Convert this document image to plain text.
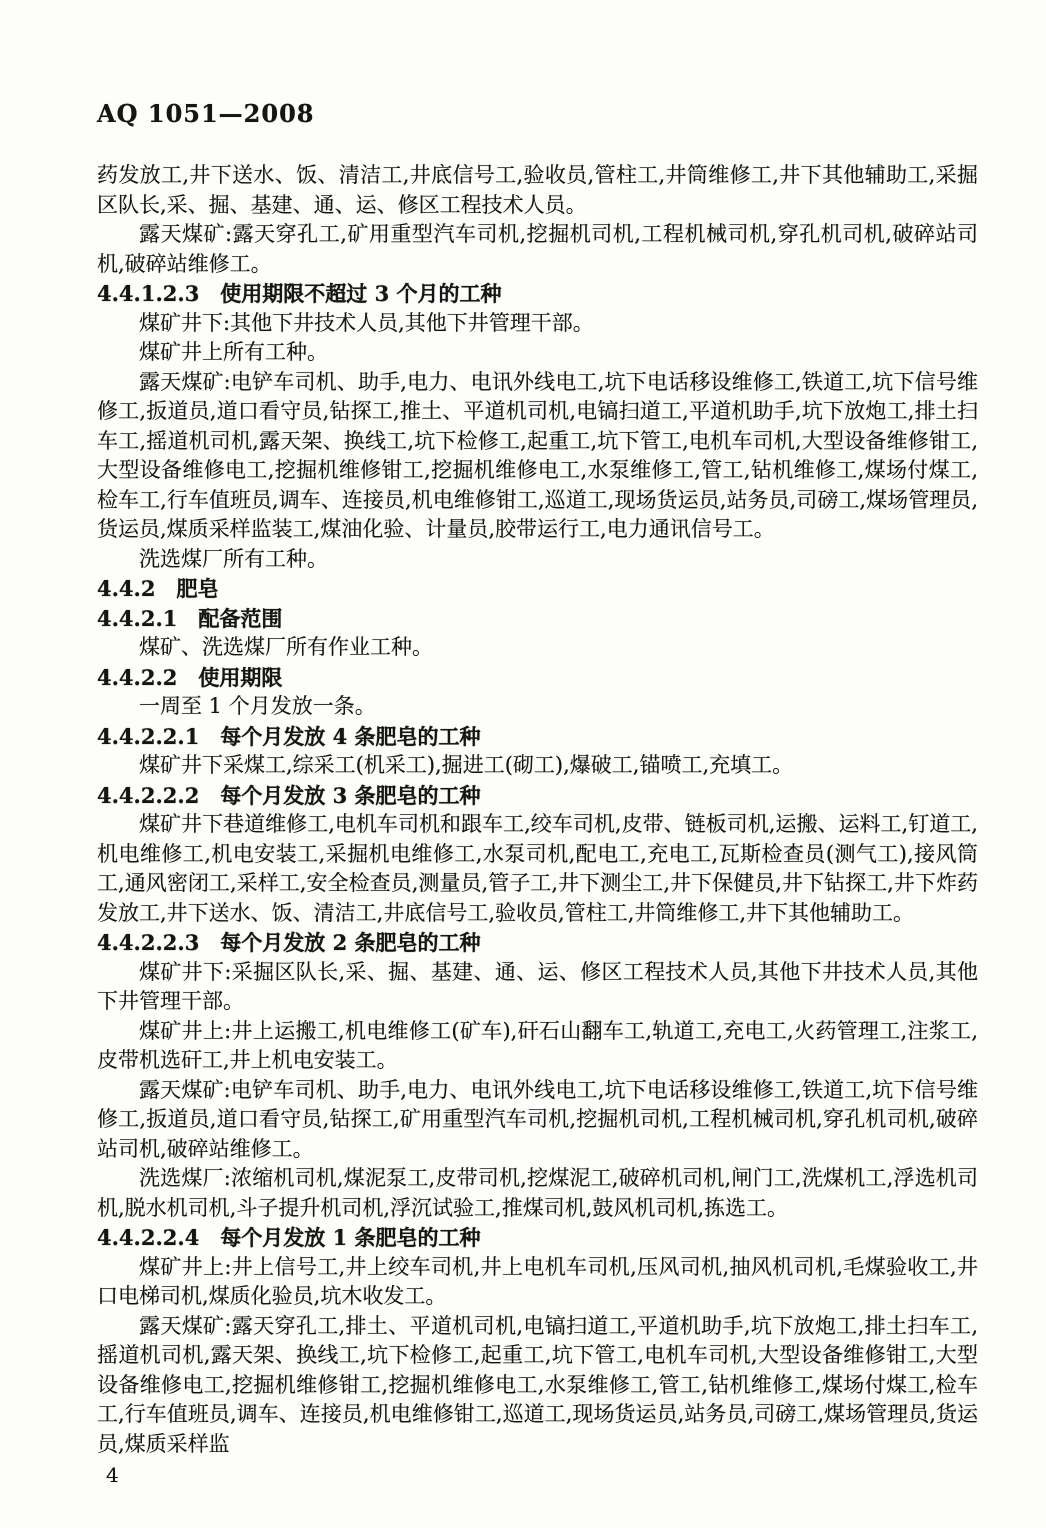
AQ 1051—2008

药发放工,井下送水、饭、清洁工,井底信号工,验收员,管柱工,井筒维修工,井下其他辅助工,采掘区队长,采、掘、基建、通、运、修区工程技术人员。

露天煤矿:露天穿孔工,矿用重型汽车司机,挖掘机司机,工程机械司机,穿孔机司机,破碎站司机,破碎站维修工。

4.4.1.2.3　使用期限不超过 3 个月的工种

煤矿井下:其他下井技术人员,其他下井管理干部。

煤矿井上所有工种。

露天煤矿:电铲车司机、助手,电力、电讯外线电工,坑下电话移设维修工,铁道工,坑下信号维修工,扳道员,道口看守员,钻探工,推土、平道机司机,电镐扫道工,平道机助手,坑下放炮工,排土扫车工,摇道机司机,露天架、换线工,坑下检修工,起重工,坑下管工,电机车司机,大型设备维修钳工,大型设备维修电工,挖掘机维修钳工,挖掘机维修电工,水泵维修工,管工,钻机维修工,煤场付煤工,检车工,行车值班员,调车、连接员,机电维修钳工,巡道工,现场货运员,站务员,司磅工,煤场管理员,货运员,煤质采样监装工,煤油化验、计量员,胶带运行工,电力通讯信号工。

洗选煤厂所有工种。

4.4.2　肥皂

4.4.2.1　配备范围

煤矿、洗选煤厂所有作业工种。

4.4.2.2　使用期限

一周至 1 个月发放一条。

4.4.2.2.1　每个月发放 4 条肥皂的工种

煤矿井下采煤工,综采工(机采工),掘进工(砌工),爆破工,锚喷工,充填工。

4.4.2.2.2　每个月发放 3 条肥皂的工种

煤矿井下巷道维修工,电机车司机和跟车工,绞车司机,皮带、链板司机,运搬、运料工,钉道工,机电维修工,机电安装工,采掘机电维修工,水泵司机,配电工,充电工,瓦斯检查员(测气工),接风筒工,通风密闭工,采样工,安全检查员,测量员,管子工,井下测尘工,井下保健员,井下钻探工,井下炸药发放工,井下送水、饭、清洁工,井底信号工,验收员,管柱工,井筒维修工,井下其他辅助工。

4.4.2.2.3　每个月发放 2 条肥皂的工种

煤矿井下:采掘区队长,采、掘、基建、通、运、修区工程技术人员,其他下井技术人员,其他下井管理干部。

煤矿井上:井上运搬工,机电维修工(矿车),矸石山翻车工,轨道工,充电工,火药管理工,注浆工,皮带机选矸工,井上机电安装工。

露天煤矿:电铲车司机、助手,电力、电讯外线电工,坑下电话移设维修工,铁道工,坑下信号维修工,扳道员,道口看守员,钻探工,矿用重型汽车司机,挖掘机司机,工程机械司机,穿孔机司机,破碎站司机,破碎站维修工。

洗选煤厂:浓缩机司机,煤泥泵工,皮带司机,挖煤泥工,破碎机司机,闸门工,洗煤机工,浮选机司机,脱水机司机,斗子提升机司机,浮沉试验工,推煤司机,鼓风机司机,拣选工。

4.4.2.2.4　每个月发放 1 条肥皂的工种

煤矿井上:井上信号工,井上绞车司机,井上电机车司机,压风司机,抽风机司机,毛煤验收工,井口电梯司机,煤质化验员,坑木收发工。

露天煤矿:露天穿孔工,排土、平道机司机,电镐扫道工,平道机助手,坑下放炮工,排土扫车工,摇道机司机,露天架、换线工,坑下检修工,起重工,坑下管工,电机车司机,大型设备维修钳工,大型设备维修电工,挖掘机维修钳工,挖掘机维修电工,水泵维修工,管工,钻机维修工,煤场付煤工,检车工,行车值班员,调车、连接员,机电维修钳工,巡道工,现场货运员,站务员,司磅工,煤场管理员,货运员,煤质采样监

4
